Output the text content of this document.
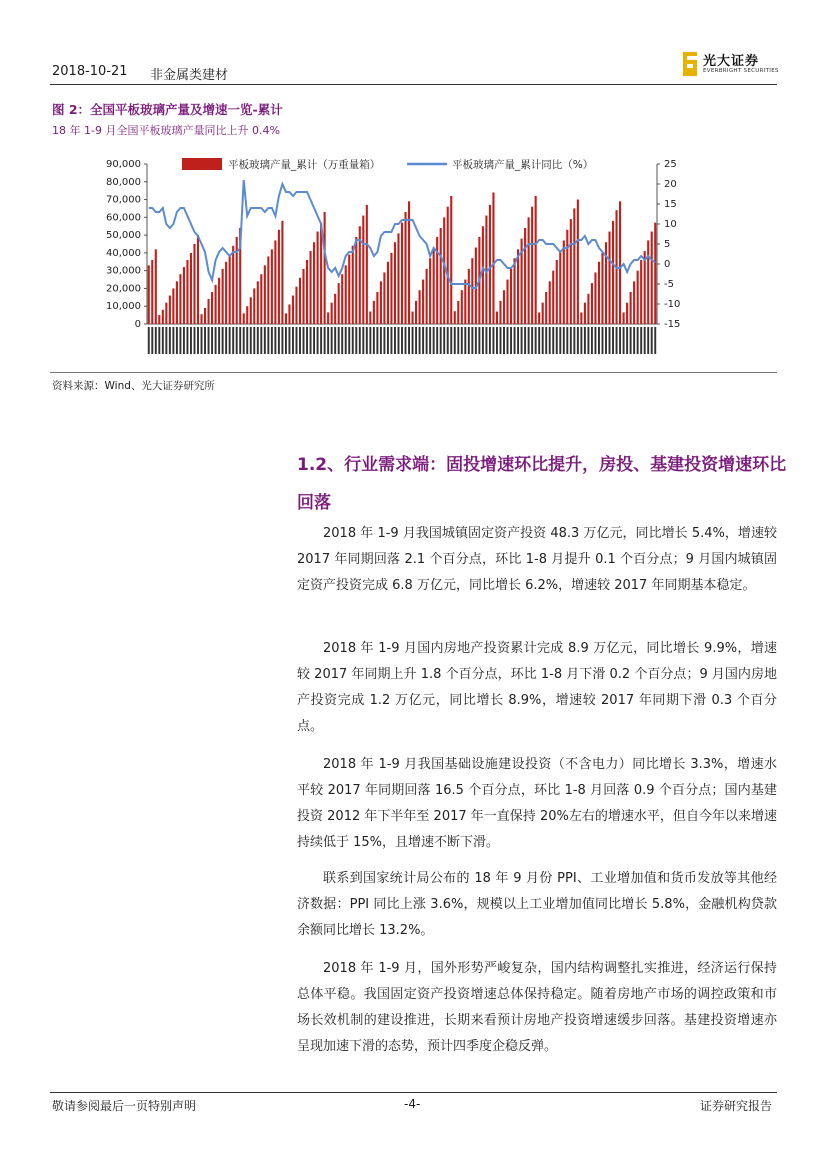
2018-10-21 非金属类建材
光大证券
EVERBRIGHT SECURITIES
图 2：全国平板玻璃产量及增速一览-累计
18 年 1-9 月全国平板玻璃产量同比上升 0.4%
0
10,000
20,000
30,000
40,000
50,000
60,000
70,000
80,000
90,000
-15
-10
-5
0
5
10
15
20
25
平板玻璃产量_累计（万重量箱）	平板玻璃产量_累计同比（%）
资料来源：Wind、光大证券研究所
1.2、行业需求端：固投增速环比提升，房投、基建投资增速环比回落

2018 年 1-9 月我国城镇固定资产投资 48.3 万亿元，同比增长 5.4%，增速较 2017 年同期回落 2.1 个百分点，环比 1-8 月提升 0.1 个百分点；9 月国内城镇固定资产投资完成 6.8 万亿元，同比增长 6.2%，增速较 2017 年同期基本稳定。

2018 年 1-9 月国内房地产投资累计完成 8.9 万亿元，同比增长 9.9%，增速较 2017 年同期上升 1.8 个百分点，环比 1-8 月下滑 0.2 个百分点；9 月国内房地产投资完成 1.2 万亿元，同比增长 8.9%，增速较 2017 年同期下滑 0.3 个百分点。

2018 年 1-9 月我国基础设施建设投资（不含电力）同比增长 3.3%，增速水平较 2017 年同期回落 16.5 个百分点，环比 1-8 月回落 0.9 个百分点；国内基建投资 2012 年下半年至 2017 年一直保持 20%左右的增速水平，但自今年以来增速持续低于 15%，且增速不断下滑。

联系到国家统计局公布的 18 年 9 月份 PPI、工业增加值和货币发放等其他经济数据：PPI 同比上涨 3.6%，规模以上工业增加值同比增长 5.8%，金融机构贷款余额同比增长 13.2%。

2018 年 1-9 月，国外形势严峻复杂，国内结构调整扎实推进，经济运行保持总体平稳。我国固定资产投资增速总体保持稳定。随着房地产市场的调控政策和市场长效机制的建设推进，长期来看预计房地产投资增速缓步回落。基建投资增速亦呈现加速下滑的态势，预计四季度企稳反弹。

敬请参阅最后一页特别声明	-4-	证券研究报告
